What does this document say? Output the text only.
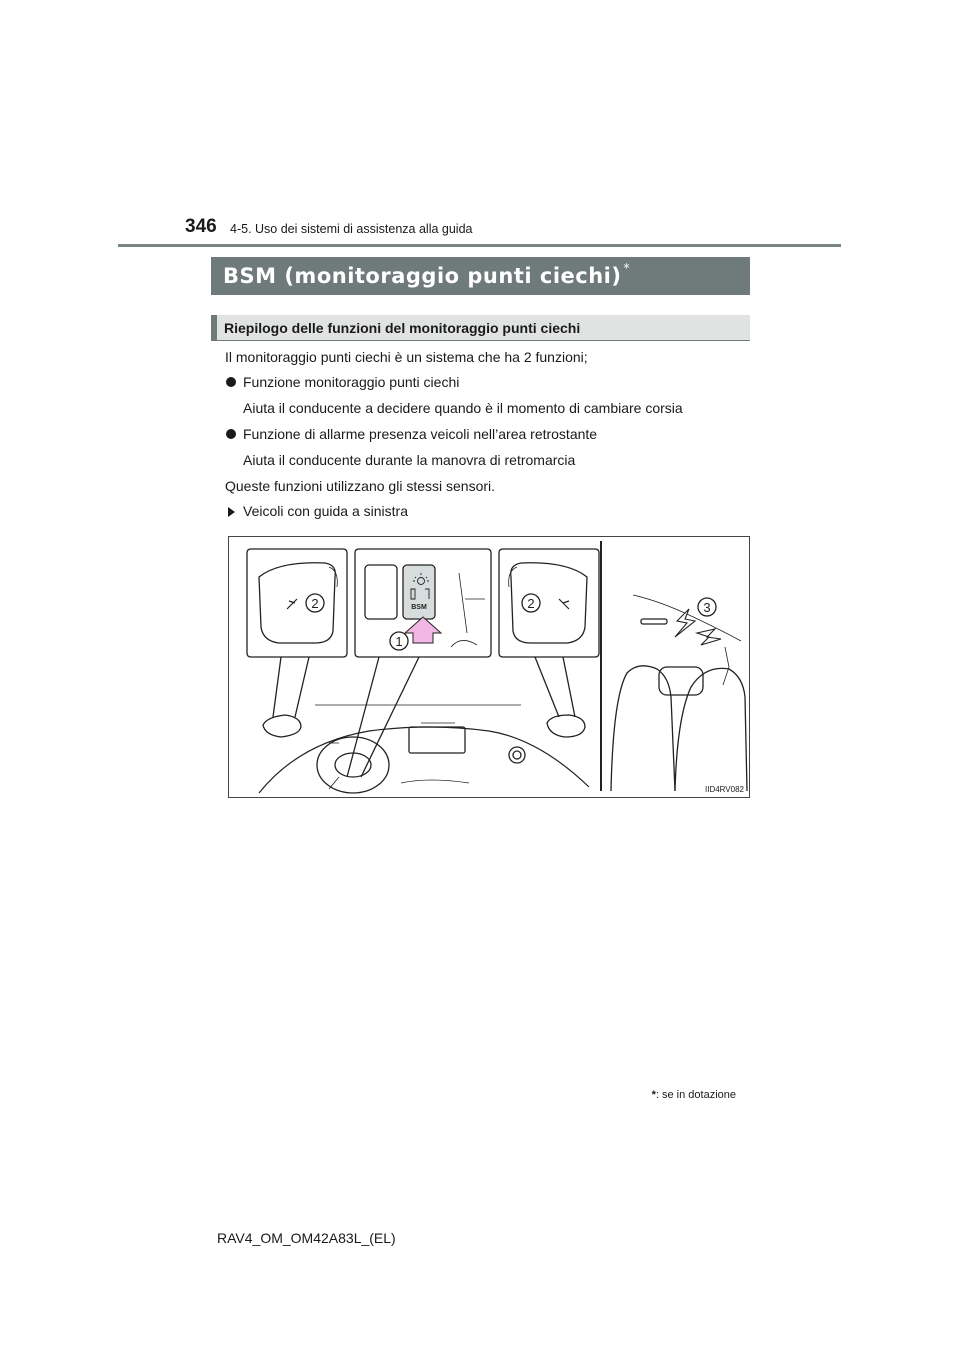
346 4-5. Uso dei sistemi di assistenza alla guida
BSM (monitoraggio punti ciechi) *
Riepilogo delle funzioni del monitoraggio punti ciechi
Il monitoraggio punti ciechi è un sistema che ha 2 funzioni;
Funzione monitoraggio punti ciechi
Aiuta il conducente a decidere quando è il momento di cambiare corsia
Funzione di allarme presenza veicoli nell’area retrostante
Aiuta il conducente durante la manovra di retromarcia
Queste funzioni utilizzano gli stessi sensori.
Veicoli con guida a sinistra
2
1
2	3
BSM
IID4RV082
*: se in dotazione
RAV4_OM_OM42A83L_(EL)
